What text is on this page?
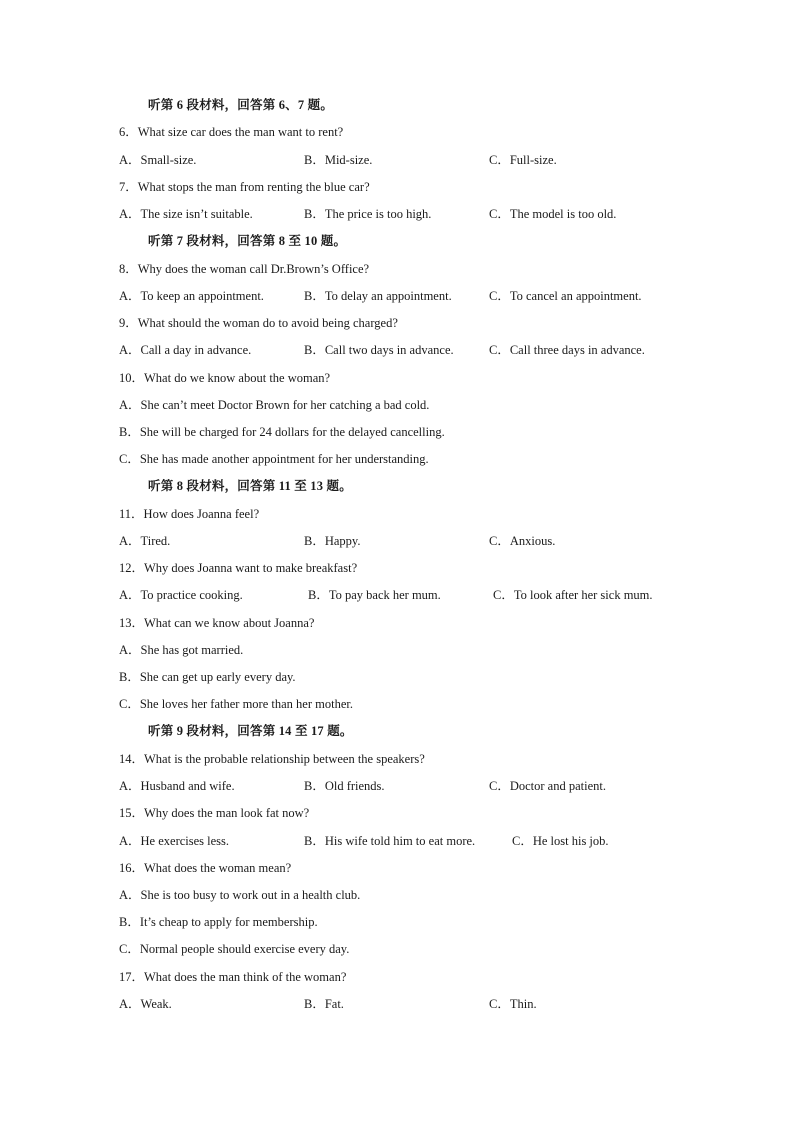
听第 6 段材料，回答第 6、7 题。
6．What size car does the man want to rent?
A．Small-size.	B．Mid-size.	C．Full-size.
7．What stops the man from renting the blue car?
A．The size isn’t suitable.	B．The price is too high.	C．The model is too old.
听第 7 段材料，回答第 8 至 10 题。
8．Why does the woman call Dr.Brown’s Office?
A．To keep an appointment.	B．To delay an appointment.	C．To cancel an appointment.
9．What should the woman do to avoid being charged?
A．Call a day in advance.	B．Call two days in advance.	C．Call three days in advance.
10．What do we know about the woman?
A．She can’t meet Doctor Brown for her catching a bad cold.
B．She will be charged for 24 dollars for the delayed cancelling.
C．She has made another appointment for her understanding.
听第 8 段材料，回答第 11 至 13 题。
11．How does Joanna feel?
A．Tired.	B．Happy.	C．Anxious.
12．Why does Joanna want to make breakfast?
A．To practice cooking.	B．To pay back her mum.	C．To look after her sick mum.
13．What can we know about Joanna?
A．She has got married.
B．She can get up early every day.
C．She loves her father more than her mother.
听第 9 段材料，回答第 14 至 17 题。
14．What is the probable relationship between the speakers?
A．Husband and wife.	B．Old friends.	C．Doctor and patient.
15．Why does the man look fat now?
A．He exercises less.	B．His wife told him to eat more.	C．He lost his job.
16．What does the woman mean?
A．She is too busy to work out in a health club.
B．It’s cheap to apply for membership.
C．Normal people should exercise every day.
17．What does the man think of the woman?
A．Weak.	B．Fat.	C．Thin.
